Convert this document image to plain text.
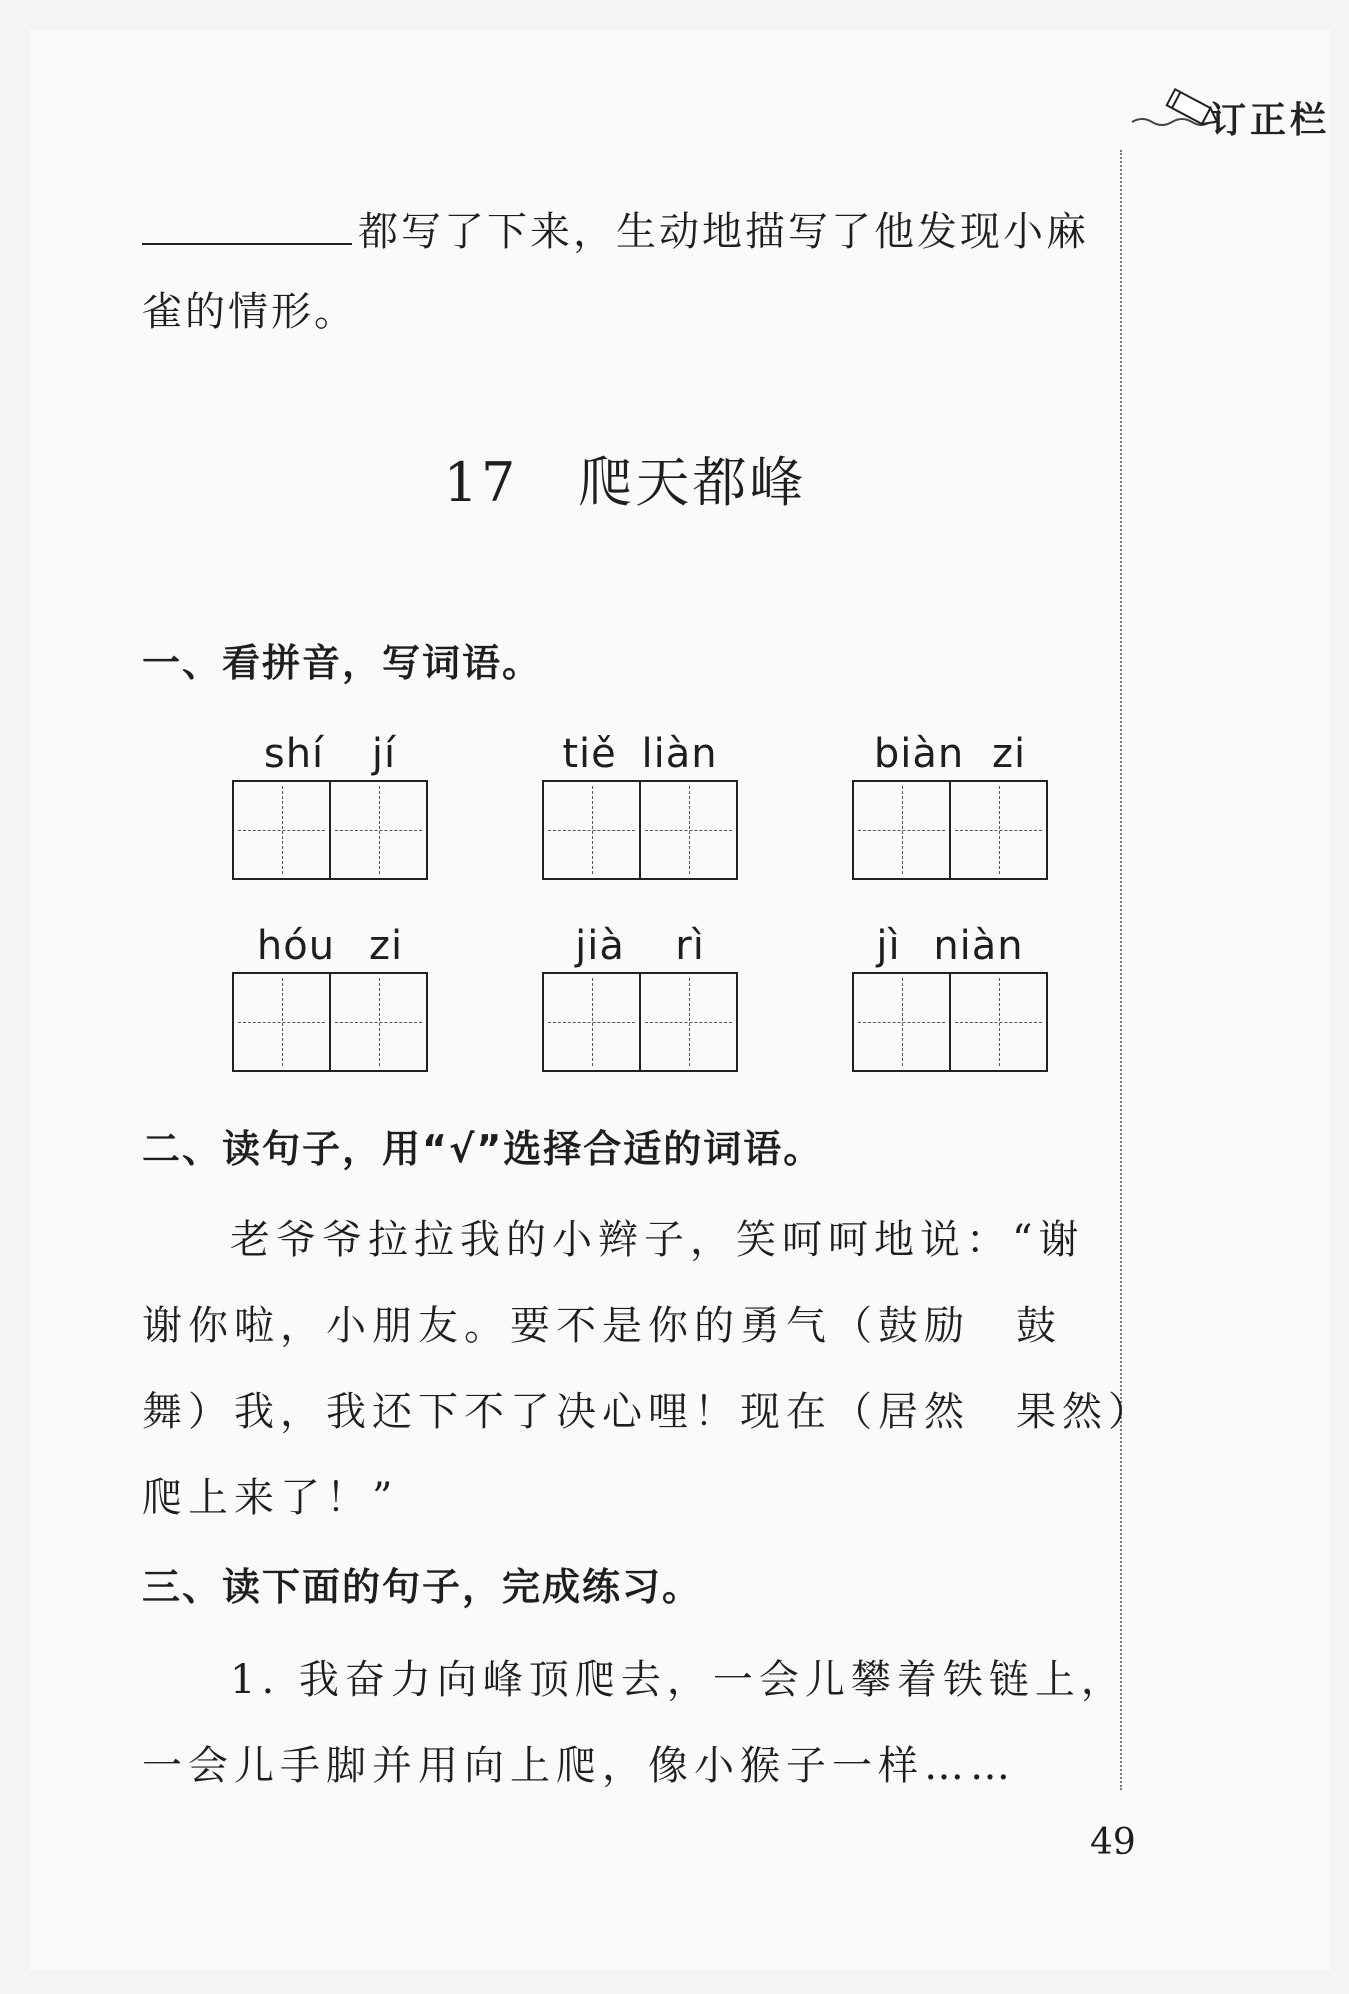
订正栏
都写了下来，生动地描写了他发现小麻
雀的情形。
17 爬天都峰
一、看拼音，写词语。
shí jí	tiě liàn	biàn zi
hóu zi	jià rì	jì niàn
二、读句子，用“√”选择合适的词语。
老爷爷拉拉我的小辫子，笑呵呵地说：“谢
谢你啦，小朋友。要不是你的勇气（鼓励　鼓
舞）我，我还下不了决心哩！现在（居然　果然）
爬上来了！”
三、读下面的句子，完成练习。
1. 我奋力向峰顶爬去，一会儿攀着铁链上，
一会儿手脚并用向上爬，像小猴子一样……
49
